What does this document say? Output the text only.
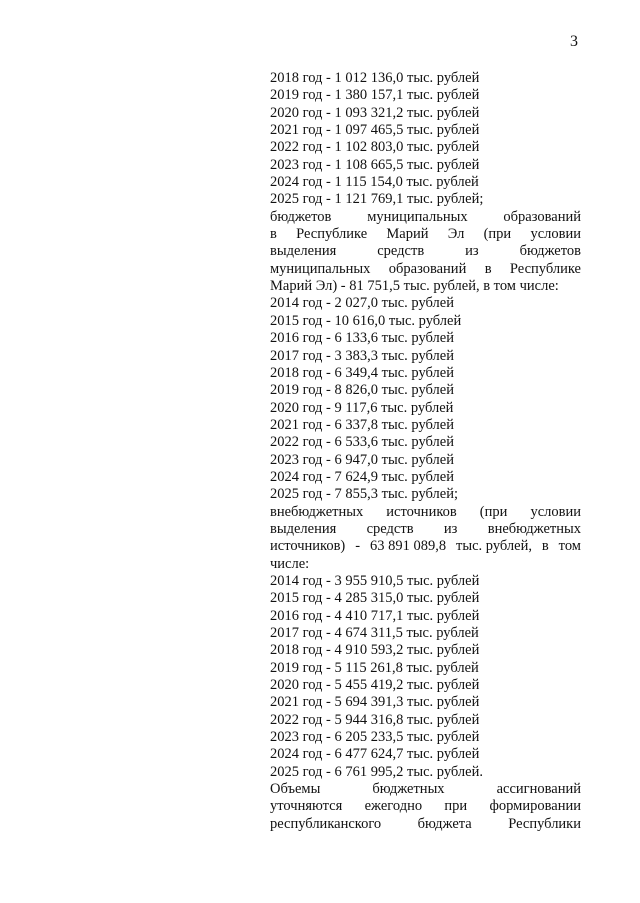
3
2018 год - 1 012 136,0 тыс. рублей
2019 год - 1 380 157,1 тыс. рублей
2020 год - 1 093 321,2 тыс. рублей
2021 год - 1 097 465,5 тыс. рублей
2022 год - 1 102 803,0 тыс. рублей
2023 год - 1 108 665,5 тыс. рублей
2024 год - 1 115 154,0 тыс. рублей
2025 год - 1 121 769,1 тыс. рублей;
бюджетов муниципальных образований
в Республике Марий Эл (при условии
выделения	средств	из	бюджетов
муниципальных образований в Республике
Марий Эл) - 81 751,5 тыс. рублей, в том числе:
2014 год - 2 027,0 тыс. рублей
2015 год - 10 616,0 тыс. рублей
2016 год - 6 133,6 тыс. рублей
2017 год - 3 383,3 тыс. рублей
2018 год - 6 349,4 тыс. рублей
2019 год - 8 826,0 тыс. рублей
2020 год - 9 117,6 тыс. рублей
2021 год - 6 337,8 тыс. рублей
2022 год - 6 533,6 тыс. рублей
2023 год - 6 947,0 тыс. рублей
2024 год - 7 624,9 тыс. рублей
2025 год - 7 855,3 тыс. рублей;
внебюджетных источников (при условии
выделения средств из внебюджетных
источников) - 63 891 089,8 тыс. рублей, в том
числе:
2014 год - 3 955 910,5 тыс. рублей
2015 год - 4 285 315,0 тыс. рублей
2016 год - 4 410 717,1 тыс. рублей
2017 год - 4 674 311,5 тыс. рублей
2018 год - 4 910 593,2 тыс. рублей
2019 год - 5 115 261,8 тыс. рублей
2020 год - 5 455 419,2 тыс. рублей
2021 год - 5 694 391,3 тыс. рублей
2022 год - 5 944 316,8 тыс. рублей
2023 год - 6 205 233,5 тыс. рублей
2024 год - 6 477 624,7 тыс. рублей
2025 год - 6 761 995,2 тыс. рублей.
Объемы	бюджетных	ассигнований
уточняются ежегодно при формировании
республиканского	бюджета	Республики
